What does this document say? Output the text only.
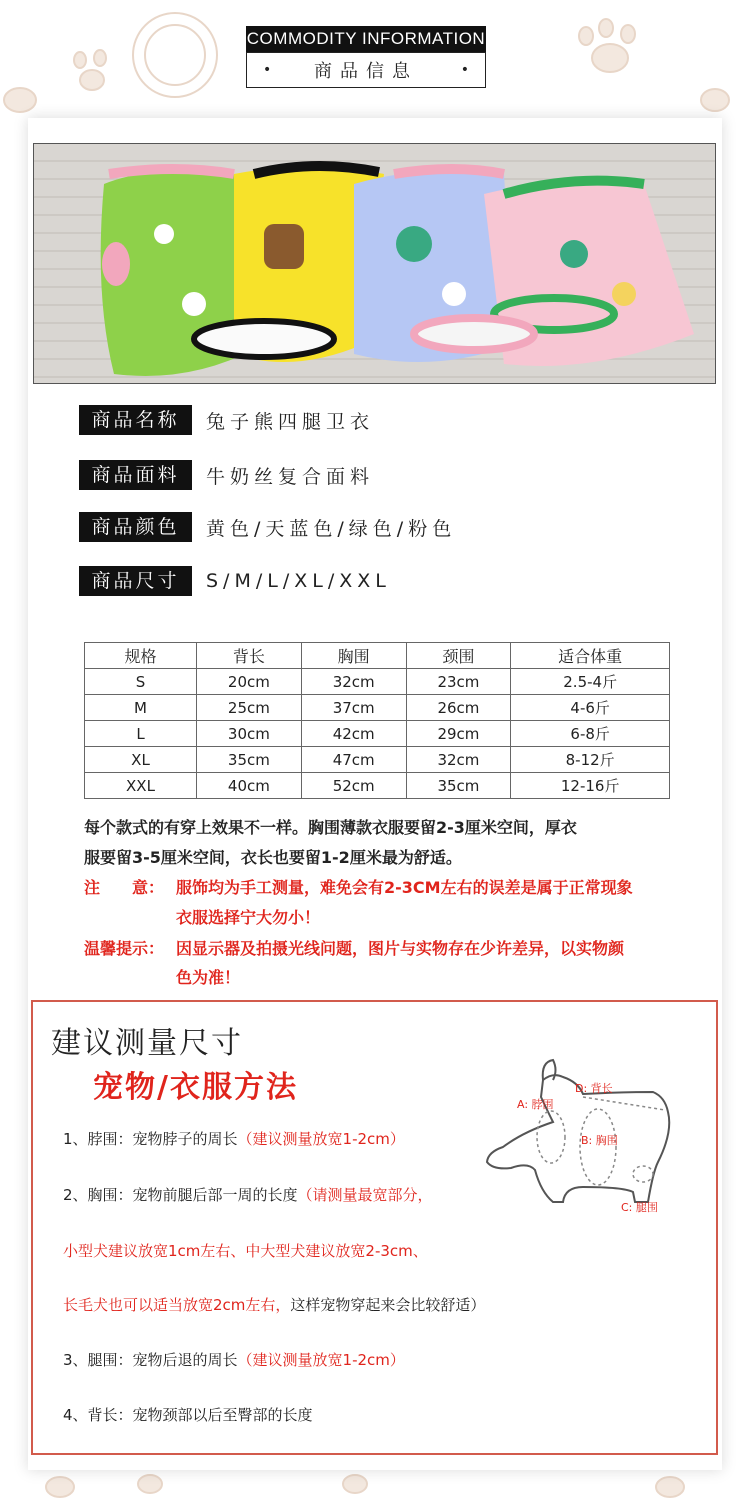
COMMODITY INFORMATION
• 商品信息	•
商品名称	兔子熊四腿卫衣
商品面料	牛奶丝复合面料
商品颜色	黄色/天蓝色/绿色/粉色
商品尺寸	S/M/L/XL/XXL
规格	背长	胸围	颈围	适合体重
S	20cm	32cm	23cm	2.5-4斤
M	25cm	37cm	26cm	4-6斤
L	30cm	42cm	29cm	6-8斤
XL	35cm	47cm	32cm	8-12斤
XXL	40cm	52cm	35cm	12-16斤
每个款式的有穿上效果不一样。胸围薄款衣服要留2-3厘米空间，厚衣
服要留3-5厘米空间，衣长也要留1-2厘米最为舒适。
注　　意： 服饰均为手工测量，难免会有2-3CM左右的误差是属于正常现象
衣服选择宁大勿小！
温馨提示： 因显示器及拍摄光线问题，图片与实物存在少许差异，以实物颜
色为准！
建议测量尺寸
宠物/衣服方法	A: 脖围
D: 背长
B: 胸围
C: 腿围
1、脖围：宠物脖子的周长（建议测量放宽1-2cm）
2、胸围：宠物前腿后部一周的长度（请测量最宽部分，
小型犬建议放宽1cm左右、中大型犬建议放宽2-3cm、
长毛犬也可以适当放宽2cm左右，这样宠物穿起来会比较舒适）
3、腿围：宠物后退的周长（建议测量放宽1-2cm）
4、背长：宠物颈部以后至臀部的长度
